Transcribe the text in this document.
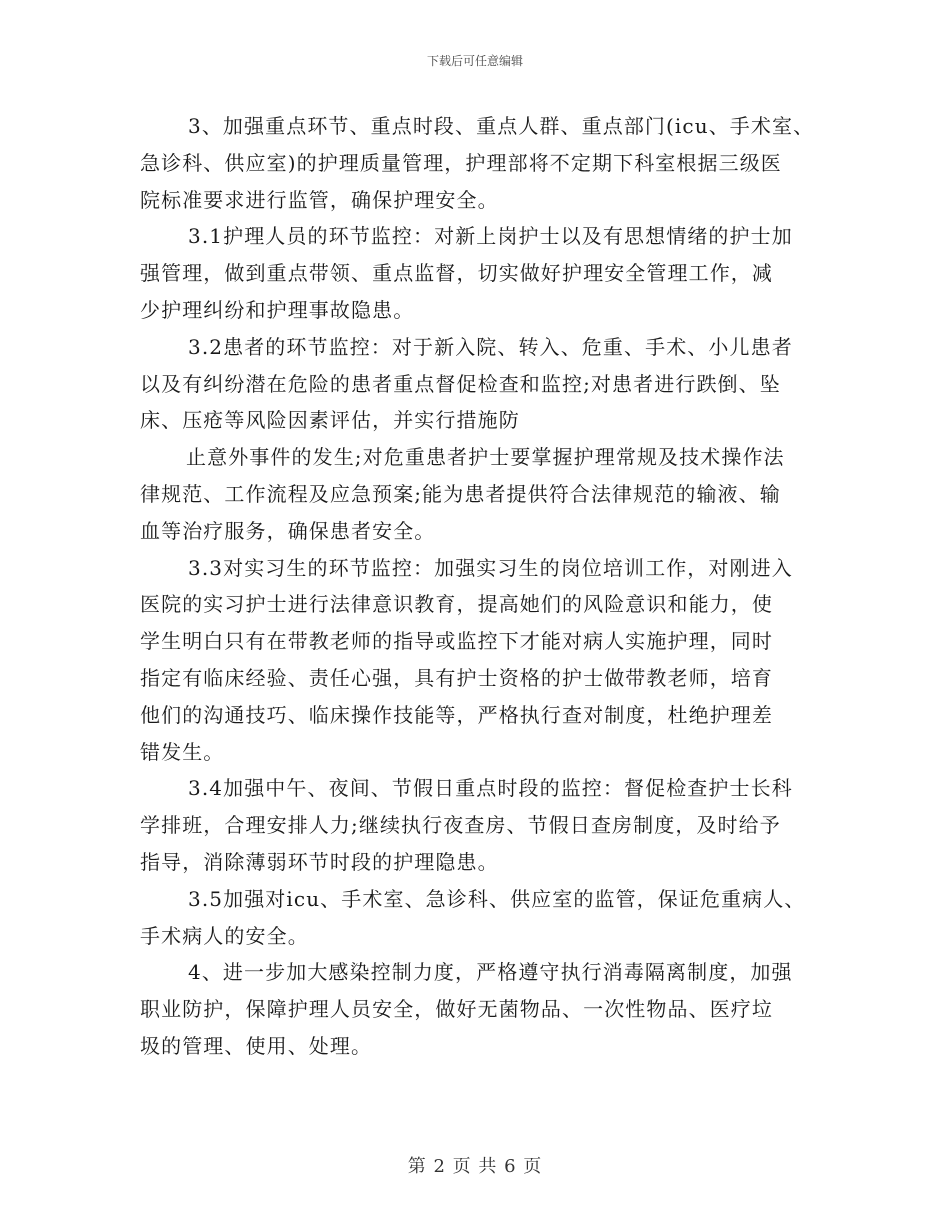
下载后可任意编辑
3、加强重点环节、重点时段、重点人群、重点部门(icu、手术室、
急诊科、供应室)的护理质量管理，护理部将不定期下科室根据三级医
院标准要求进行监管，确保护理安全。
3.1护理人员的环节监控：对新上岗护士以及有思想情绪的护士加
强管理，做到重点带领、重点监督，切实做好护理安全管理工作，减
少护理纠纷和护理事故隐患。
3.2患者的环节监控：对于新入院、转入、危重、手术、小儿患者
以及有纠纷潜在危险的患者重点督促检查和监控;对患者进行跌倒、坠
床、压疮等风险因素评估，并实行措施防
止意外事件的发生;对危重患者护士要掌握护理常规及技术操作法
律规范、工作流程及应急预案;能为患者提供符合法律规范的输液、输
血等治疗服务，确保患者安全。
3.3对实习生的环节监控：加强实习生的岗位培训工作，对刚进入
医院的实习护士进行法律意识教育，提高她们的风险意识和能力，使
学生明白只有在带教老师的指导或监控下才能对病人实施护理，同时
指定有临床经验、责任心强，具有护士资格的护士做带教老师，培育
他们的沟通技巧、临床操作技能等，严格执行查对制度，杜绝护理差
错发生。
3.4加强中午、夜间、节假日重点时段的监控：督促检查护士长科
学排班，合理安排人力;继续执行夜查房、节假日查房制度，及时给予
指导，消除薄弱环节时段的护理隐患。
3.5加强对icu、手术室、急诊科、供应室的监管，保证危重病人、
手术病人的安全。
4、进一步加大感染控制力度，严格遵守执行消毒隔离制度，加强
职业防护，保障护理人员安全，做好无菌物品、一次性物品、医疗垃
圾的管理、使用、处理。
第 2 页 共 6 页
